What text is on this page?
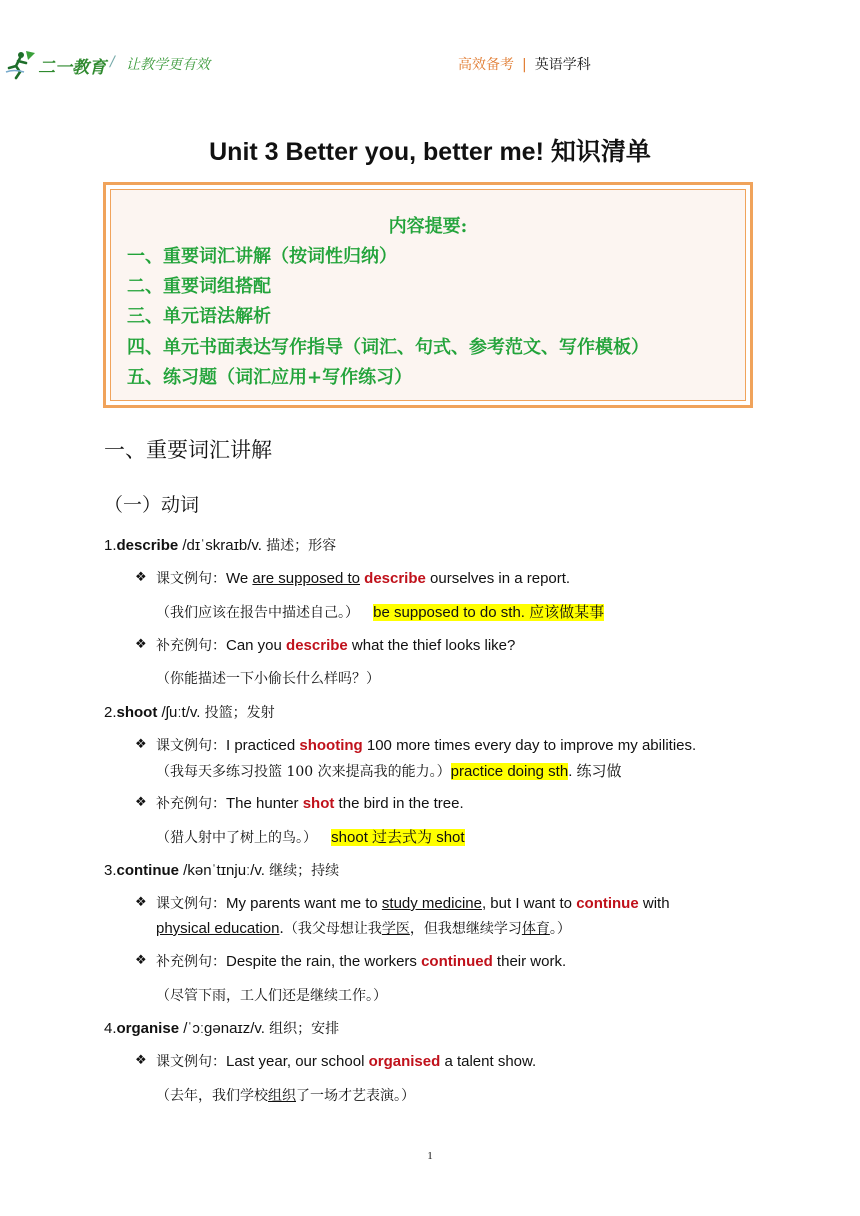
二一教育 / 让教学更有效	高效备考 | 英语学科
Unit 3 Better you, better me! 知识清单
内容提要:
一、重要词汇讲解（按词性归纳）
二、重要词组搭配
三、单元语法解析
四、单元书面表达写作指导（词汇、句式、参考范文、写作模板）
五、练习题（词汇应用+写作练习）
一、重要词汇讲解
（一）动词
1.describe /dɪˈskraɪb/v. 描述；形容
❖ 课文例句：We are supposed to describe ourselves in a report.
（我们应该在报告中描述自己。） be supposed to do sth. 应该做某事
❖ 补充例句：Can you describe what the thief looks like?
（你能描述一下小偷长什么样吗？）
2.shoot /ʃuːt/v. 投篮；发射
❖ 课文例句：I practiced shooting 100 more times every day to improve my abilities.
（我每天多练习投篮 100 次来提高我的能力。）practice doing sth. 练习做
❖ 补充例句：The hunter shot the bird in the tree.
（猎人射中了树上的鸟。） shoot 过去式为 shot
3.continue /kənˈtɪnjuː/v. 继续；持续
❖ 课文例句：My parents want me to study medicine, but I want to continue with
physical education.（我父母想让我学医，但我想继续学习体育。）
❖ 补充例句：Despite the rain, the workers continued their work.
（尽管下雨，工人们还是继续工作。）
4.organise /ˈɔːɡənaɪz/v. 组织；安排
❖ 课文例句：Last year, our school organised a talent show.
（去年，我们学校组织了一场才艺表演。）
1
